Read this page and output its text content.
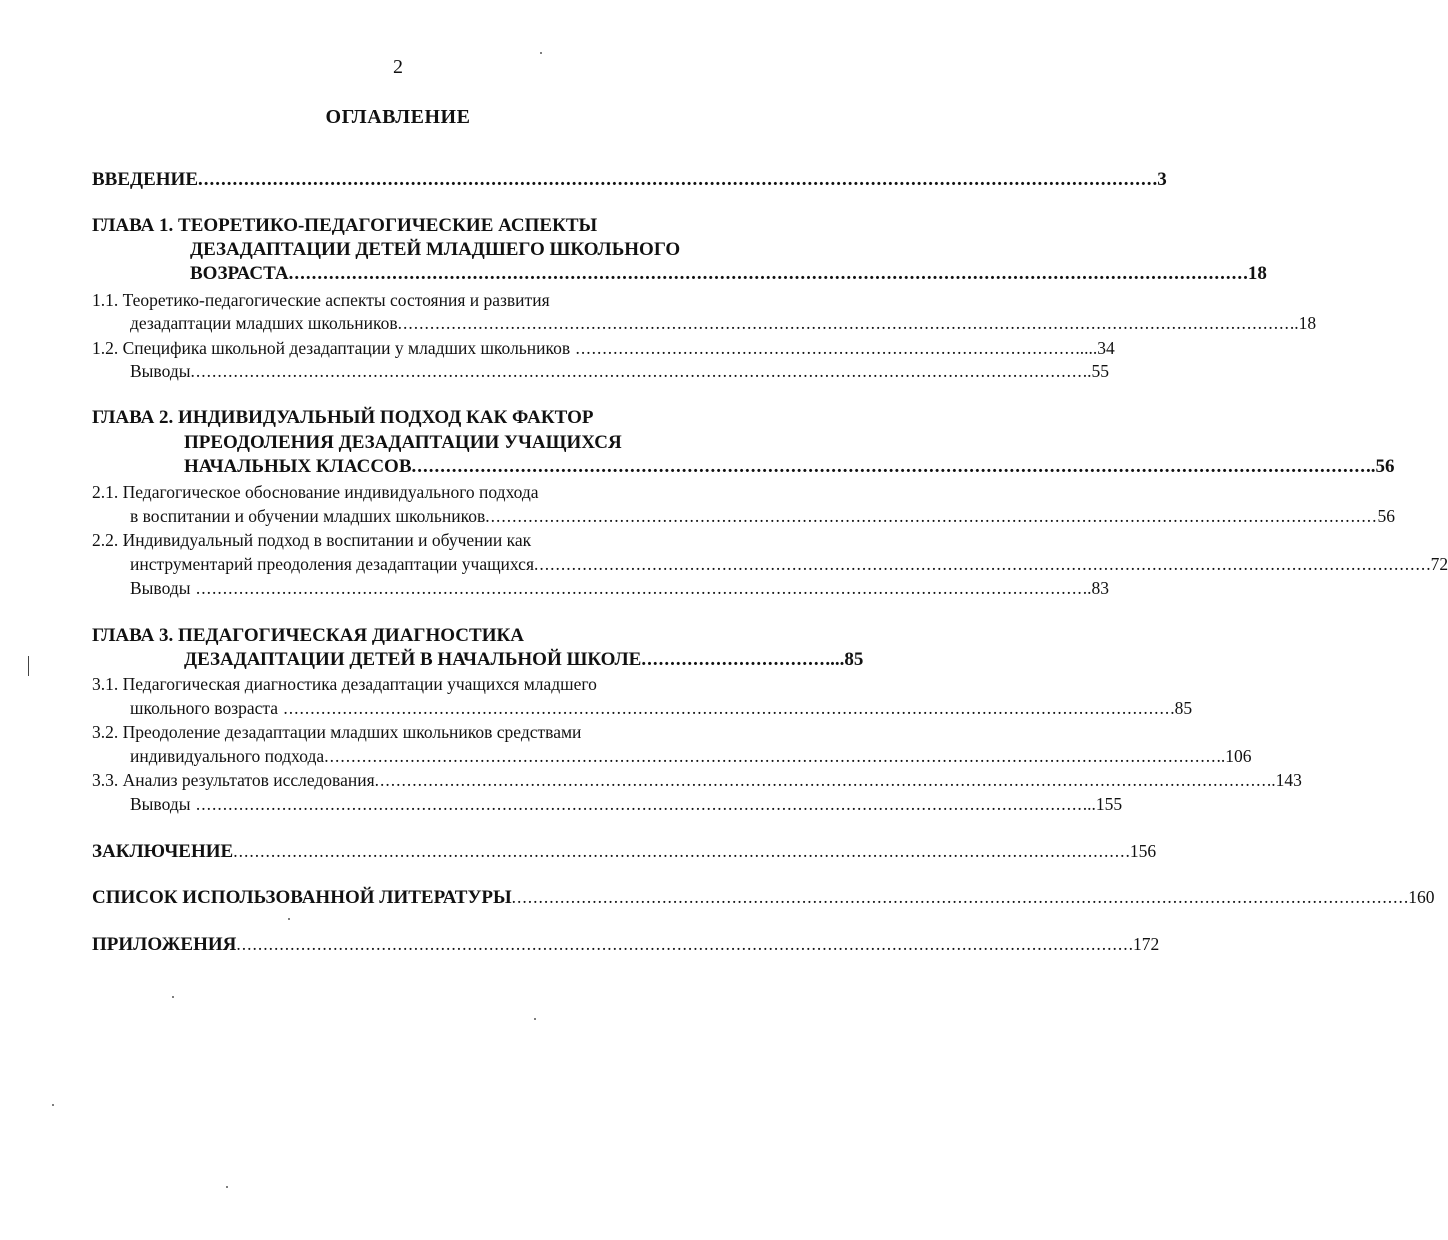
2
ОГЛАВЛЕНИЕ
ВВЕДЕНИЕ ...................................................................................................................................................................... .3
ГЛАВА 1. ТЕОРЕТИКО-ПЕДАГОГИЧЕСКИЕ АСПЕКТЫ
ДЕЗАДАПТАЦИИ ДЕТЕЙ МЛАДШЕГО ШКОЛЬНОГО
ВОЗРАСТА ...................................................................................................................................................................... .18
1.1. Теоретико-педагогические аспекты состояния и развития
дезадаптации младших школьников ...................................................................................................................................................................... ..18
1.2. Специфика школьной дезадаптации у младших школьников ............................................................................................. .....34
Выводы ...................................................................................................................................................................... ..55
ГЛАВА 2. ИНДИВИДУАЛЬНЫЙ ПОДХОД КАК ФАКТОР
ПРЕОДОЛЕНИЯ ДЕЗАДАПТАЦИИ УЧАЩИХСЯ
НАЧАЛЬНЫХ КЛАССОВ ...................................................................................................................................................................... ..56
2.1. Педагогическое обоснование индивидуального подхода
в воспитании и обучении младших школьников ...................................................................................................................................................................... 56
2.2. Индивидуальный подход в воспитании и обучении как
инструментарий преодоления дезадаптации учащихся ...................................................................................................................................................................... .72
Выводы ..................................................................................................................................................................... ..83
ГЛАВА 3. ПЕДАГОГИЧЕСКАЯ ДИАГНОСТИКА
ДЕЗАДАПТАЦИИ ДЕТЕЙ В НАЧАЛЬНОЙ ШКОЛЕ ................................ ....85
3.1. Педагогическая диагностика дезадаптации учащихся младшего
школьного возраста ..................................................................................................................................................................... .85
3.2. Преодоление дезадаптации младших школьников средствами
индивидуального подхода ...................................................................................................................................................................... ..106
3.3. Анализ результатов исследования ...................................................................................................................................................................... ..143
Выводы ..................................................................................................................................................................... ...155
ЗАКЛЮЧЕНИЕ ...................................................................................................................................................................... .156
СПИСОК ИСПОЛЬЗОВАННОЙ ЛИТЕРАТУРЫ ...................................................................................................................................................................... .160
ПРИЛОЖЕНИЯ ...................................................................................................................................................................... .172
